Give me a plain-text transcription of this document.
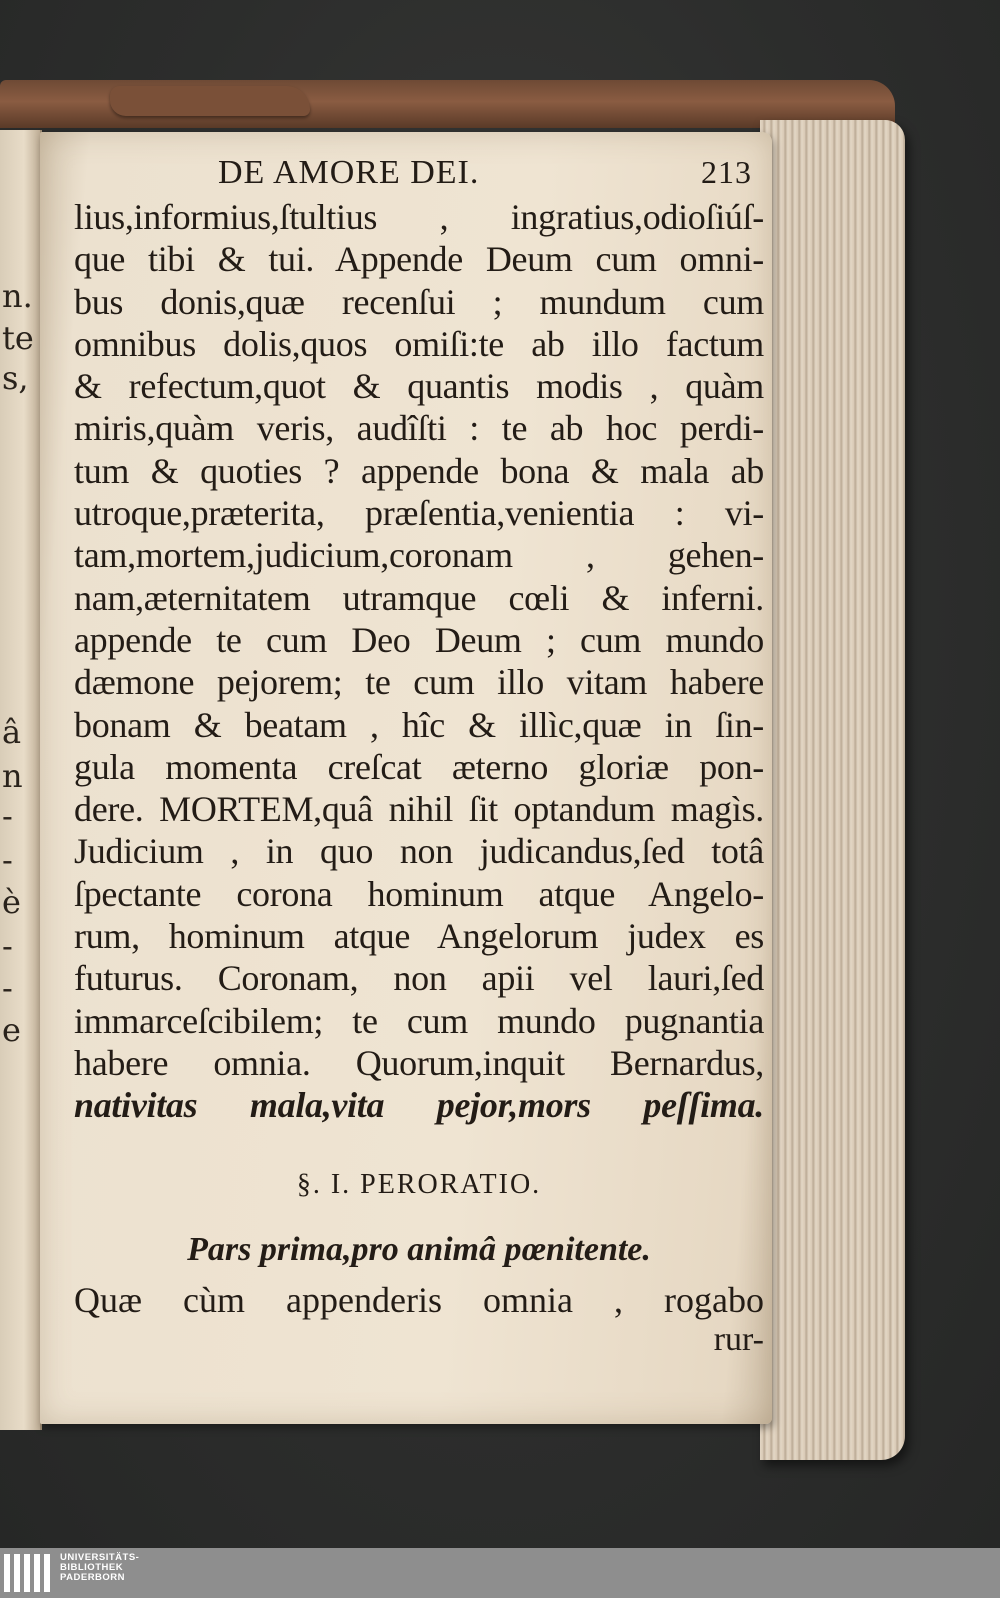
n.
te
s,
â
n
-
-
è
-
-
e
DE AMORE DEI.	213
lius,informius,ſtultius , ingratius,odioſiúſ-
que tibi & tui. Appende Deum cum omni-
bus donis,quæ recenſui ; mundum cum
omnibus dolis,quos omiſi:te ab illo factum
& refectum,quot & quantis modis , quàm
miris,quàm veris, audîſti : te ab hoc perdi-
tum & quoties ? appende bona & mala ab
utroque,præterita, præſentia,venientia : vi-
tam,mortem,judicium,coronam , gehen-
nam,æternitatem utramque cœli & inferni.
appende te cum Deo Deum ; cum mundo
dæmone pejorem; te cum illo vitam habere
bonam & beatam , hîc & illìc,quæ in ſin-
gula momenta creſcat æterno gloriæ pon-
dere. MORTEM,quâ nihil ſit optandum magìs.
Judicium , in quo non judicandus,ſed totâ
ſpectante corona hominum atque Angelo-
rum, hominum atque Angelorum judex es
futurus. Coronam, non apii vel lauri,ſed
immarceſcibilem; te cum mundo pugnantia
habere omnia. Quorum,inquit Bernardus,
nativitas mala,vita pejor,mors peſſima.
§. I. PERORATIO.
Pars prima,pro animâ pœnitente.
Quæ cùm appenderis omnia , rogabo
rur-
UNIVERSITÄTS-
BIBLIOTHEK
PADERBORN
